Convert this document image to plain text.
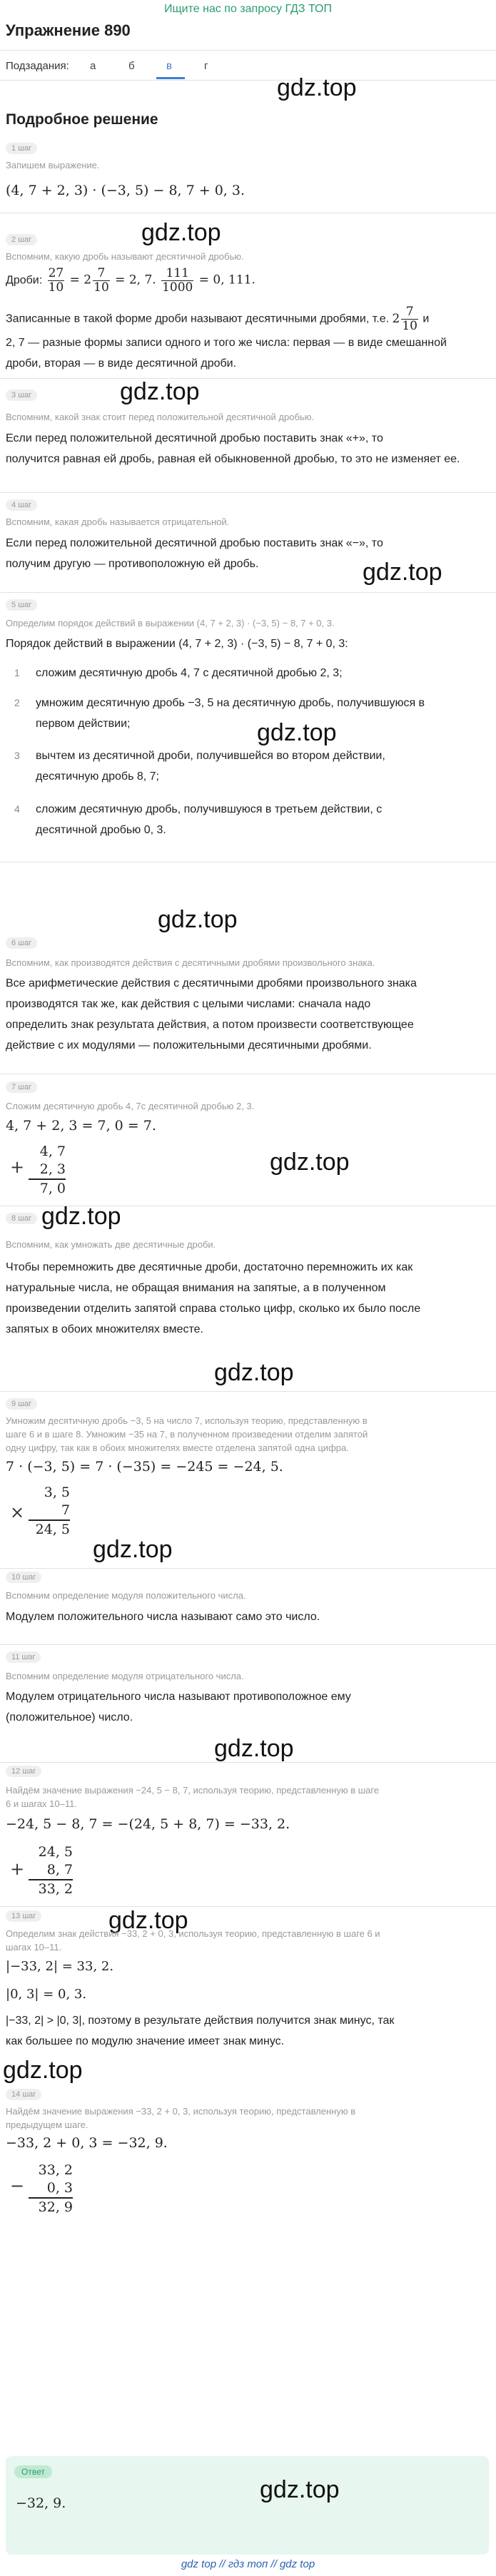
Ищите нас по запросу ГДЗ ТОП
Упражнение 890
Подзадания: а	б	в	г
gdz.top
Подробное решение
1 шаг
Запишем выражение.
(4, 7 + 2, 3) · (−3, 5) − 8, 7 + 0, 3.
gdz.top
2 шаг
Вспомним, какую дробь называют десятичной дробью.
Дроби: $\frac{27}{10} = 2 \frac{7}{10} = 2$, 7. $\frac{111}{1000} = 0$, 111.
Записанные в такой форме дроби называют десятичными дробями, т.е. $2 \frac{7}{10}$ и
2, 7 — разные формы записи одного и того же числа: первая — в виде смешанной дроби, вторая — в виде десятичной дроби.
3 шаг	gdz.top
Вспомним, какой знак стоит перед положительной десятичной дробью.
Если перед положительной десятичной дробью поставить знак «+», то
получится равная ей дробь, равная ей обыкновенной дробью, то это не изменяет ее.
4 шаг
Вспомним, какая дробь называется отрицательной.
Если перед положительной десятичной дробью поставить знак «−», то
получим другую — противоположную ей дробь.	gdz.top
5 шаг
Определим порядок действий в выражении (4, 7 + 2, 3) · (−3, 5) − 8, 7 + 0, 3.
Порядок действий в выражении (4, 7 + 2, 3) · (−3, 5) − 8, 7 + 0, 3:
1 сложим десятичную дробь 4, 7 с десятичной дробью 2, 3;
2 умножим десятичную дробь −3, 5 на десятичную дробь, получившуюся в
первом действии;	gdz.top
3 вычтем из десятичной дроби, получившейся во втором действии,
десятичную дробь 8, 7;
4 сложим десятичную дробь, получившуюся в третьем действии, с
десятичной дробью 0, 3.
gdz.top
6 шаг
Вспомним, как производятся действия с десятичными дробями произвольного знака.
Все арифметические действия с десятичными дробями произвольного знака
производятся так же, как действия с целыми числами: сначала надо
определить знак результата действия, а потом произвести соответствующее
действие с их модулями — положительными десятичными дробями.
7 шаг
Сложим десятичную дробь 4, 7с десятичной дробью 2, 3.
4, 7 + 2, 3 = 7, 0 = 7.
+
4, 7
2, 3
7, 0
gdz.top
gdz.top
8 шаг
Вспомним, как умножать две десятичные дроби.
Чтобы перемножить две десятичные дроби, достаточно перемножить их как
натуральные числа, не обращая внимания на запятые, а в полученном
произведении отделить запятой справа столько цифр, сколько их было после
запятых в обоих множителях вместе.
gdz.top
9 шаг
Умножим десятичную дробь −3, 5 на число 7, используя теорию, представленную в
шаге 6 и в шаге 8. Умножим −35 на 7, в полученном произведении отделим запятой
одну цифру, так как в обоих множителях вместе отделена запятой одна цифра.
7 · (−3, 5) = 7 · (−35) = −245 = −24, 5.
×
3, 5
7
24, 5
gdz.top
10 шаг
Вспомним определение модуля положительного числа.
Модулем положительного числа называют само это число.
11 шаг
Вспомним определение модуля отрицательного числа.
Модулем отрицательного числа называют противоположное ему
(положительное) число.
gdz.top
12 шаг
Найдём значение выражения −24, 5 − 8, 7, используя теорию, представленную в шаге
6 и шагах 10–11.
−24, 5 − 8, 7 = −(24, 5 + 8, 7) = −33, 2.
+
24, 5
8, 7
33, 2
13 шаг	gdz.top
Определим знак действия −33, 2 + 0, 3, используя теорию, представленную в шаге 6 и
шагах 10–11.
|−33, 2| = 33, 2.
|0, 3| = 0, 3.
|−33, 2| > |0, 3|, поэтому в результате действия получится знак минус, так
как большее по модулю значение имеет знак минус.
gdz.top
14 шаг
Найдём значение выражения −33, 2 + 0, 3, используя теорию, представленную в
предыдущем шаге.
−33, 2 + 0, 3 = −32, 9.
−
33, 2
0, 3
32, 9
Ответ
−32, 9.	gdz.top
gdz top // гдз топ // gdz top
